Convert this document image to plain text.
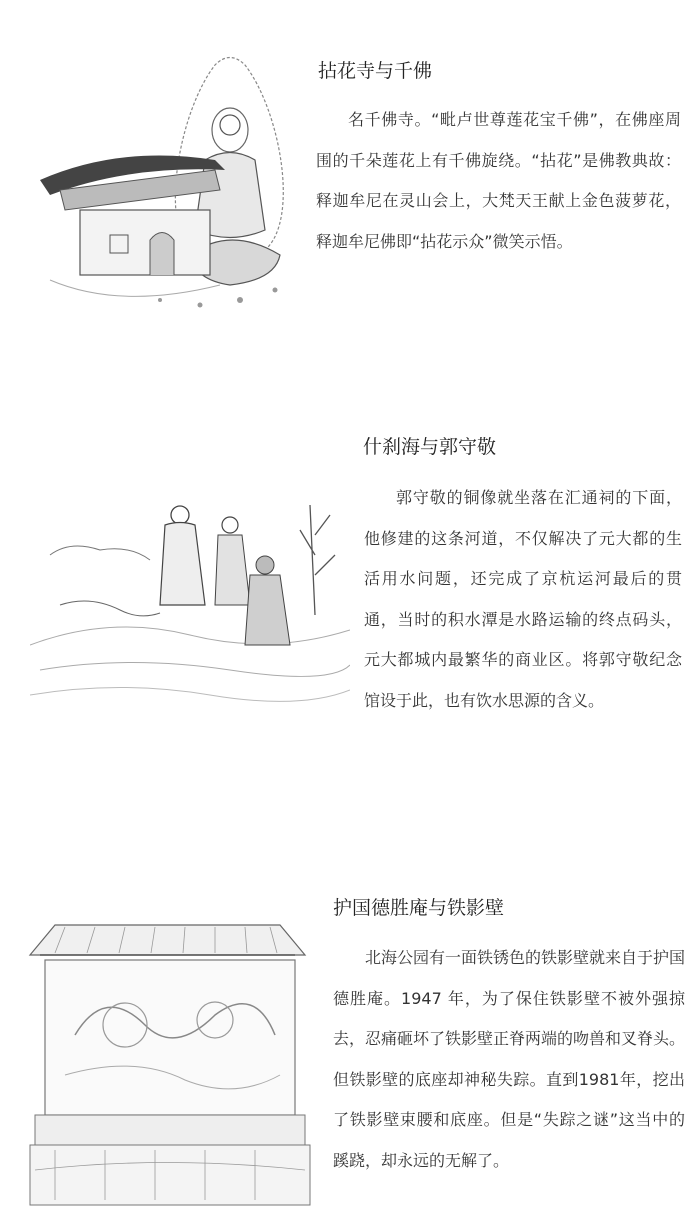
拈花寺与千佛

名千佛寺。“毗卢世尊莲花宝千佛”，在佛座周围的千朵莲花上有千佛旋绕。“拈花”是佛教典故：释迦牟尼在灵山会上，大梵天王献上金色菠萝花，释迦牟尼佛即“拈花示众”微笑示悟。

什刹海与郭守敬

郭守敬的铜像就坐落在汇通祠的下面，他修建的这条河道，不仅解决了元大都的生活用水问题，还完成了京杭运河最后的贯通，当时的积水潭是水路运输的终点码头，元大都城内最繁华的商业区。将郭守敬纪念馆设于此，也有饮水思源的含义。

护国德胜庵与铁影壁

北海公园有一面铁锈色的铁影壁就来自于护国德胜庵。1947 年，为了保住铁影壁不被外强掠去，忍痛砸坏了铁影壁正脊两端的吻兽和叉脊头。但铁影壁的底座却神秘失踪。直到1981年，挖出了铁影壁束腰和底座。但是“失踪之谜”这当中的蹊跷，却永远的无解了。
